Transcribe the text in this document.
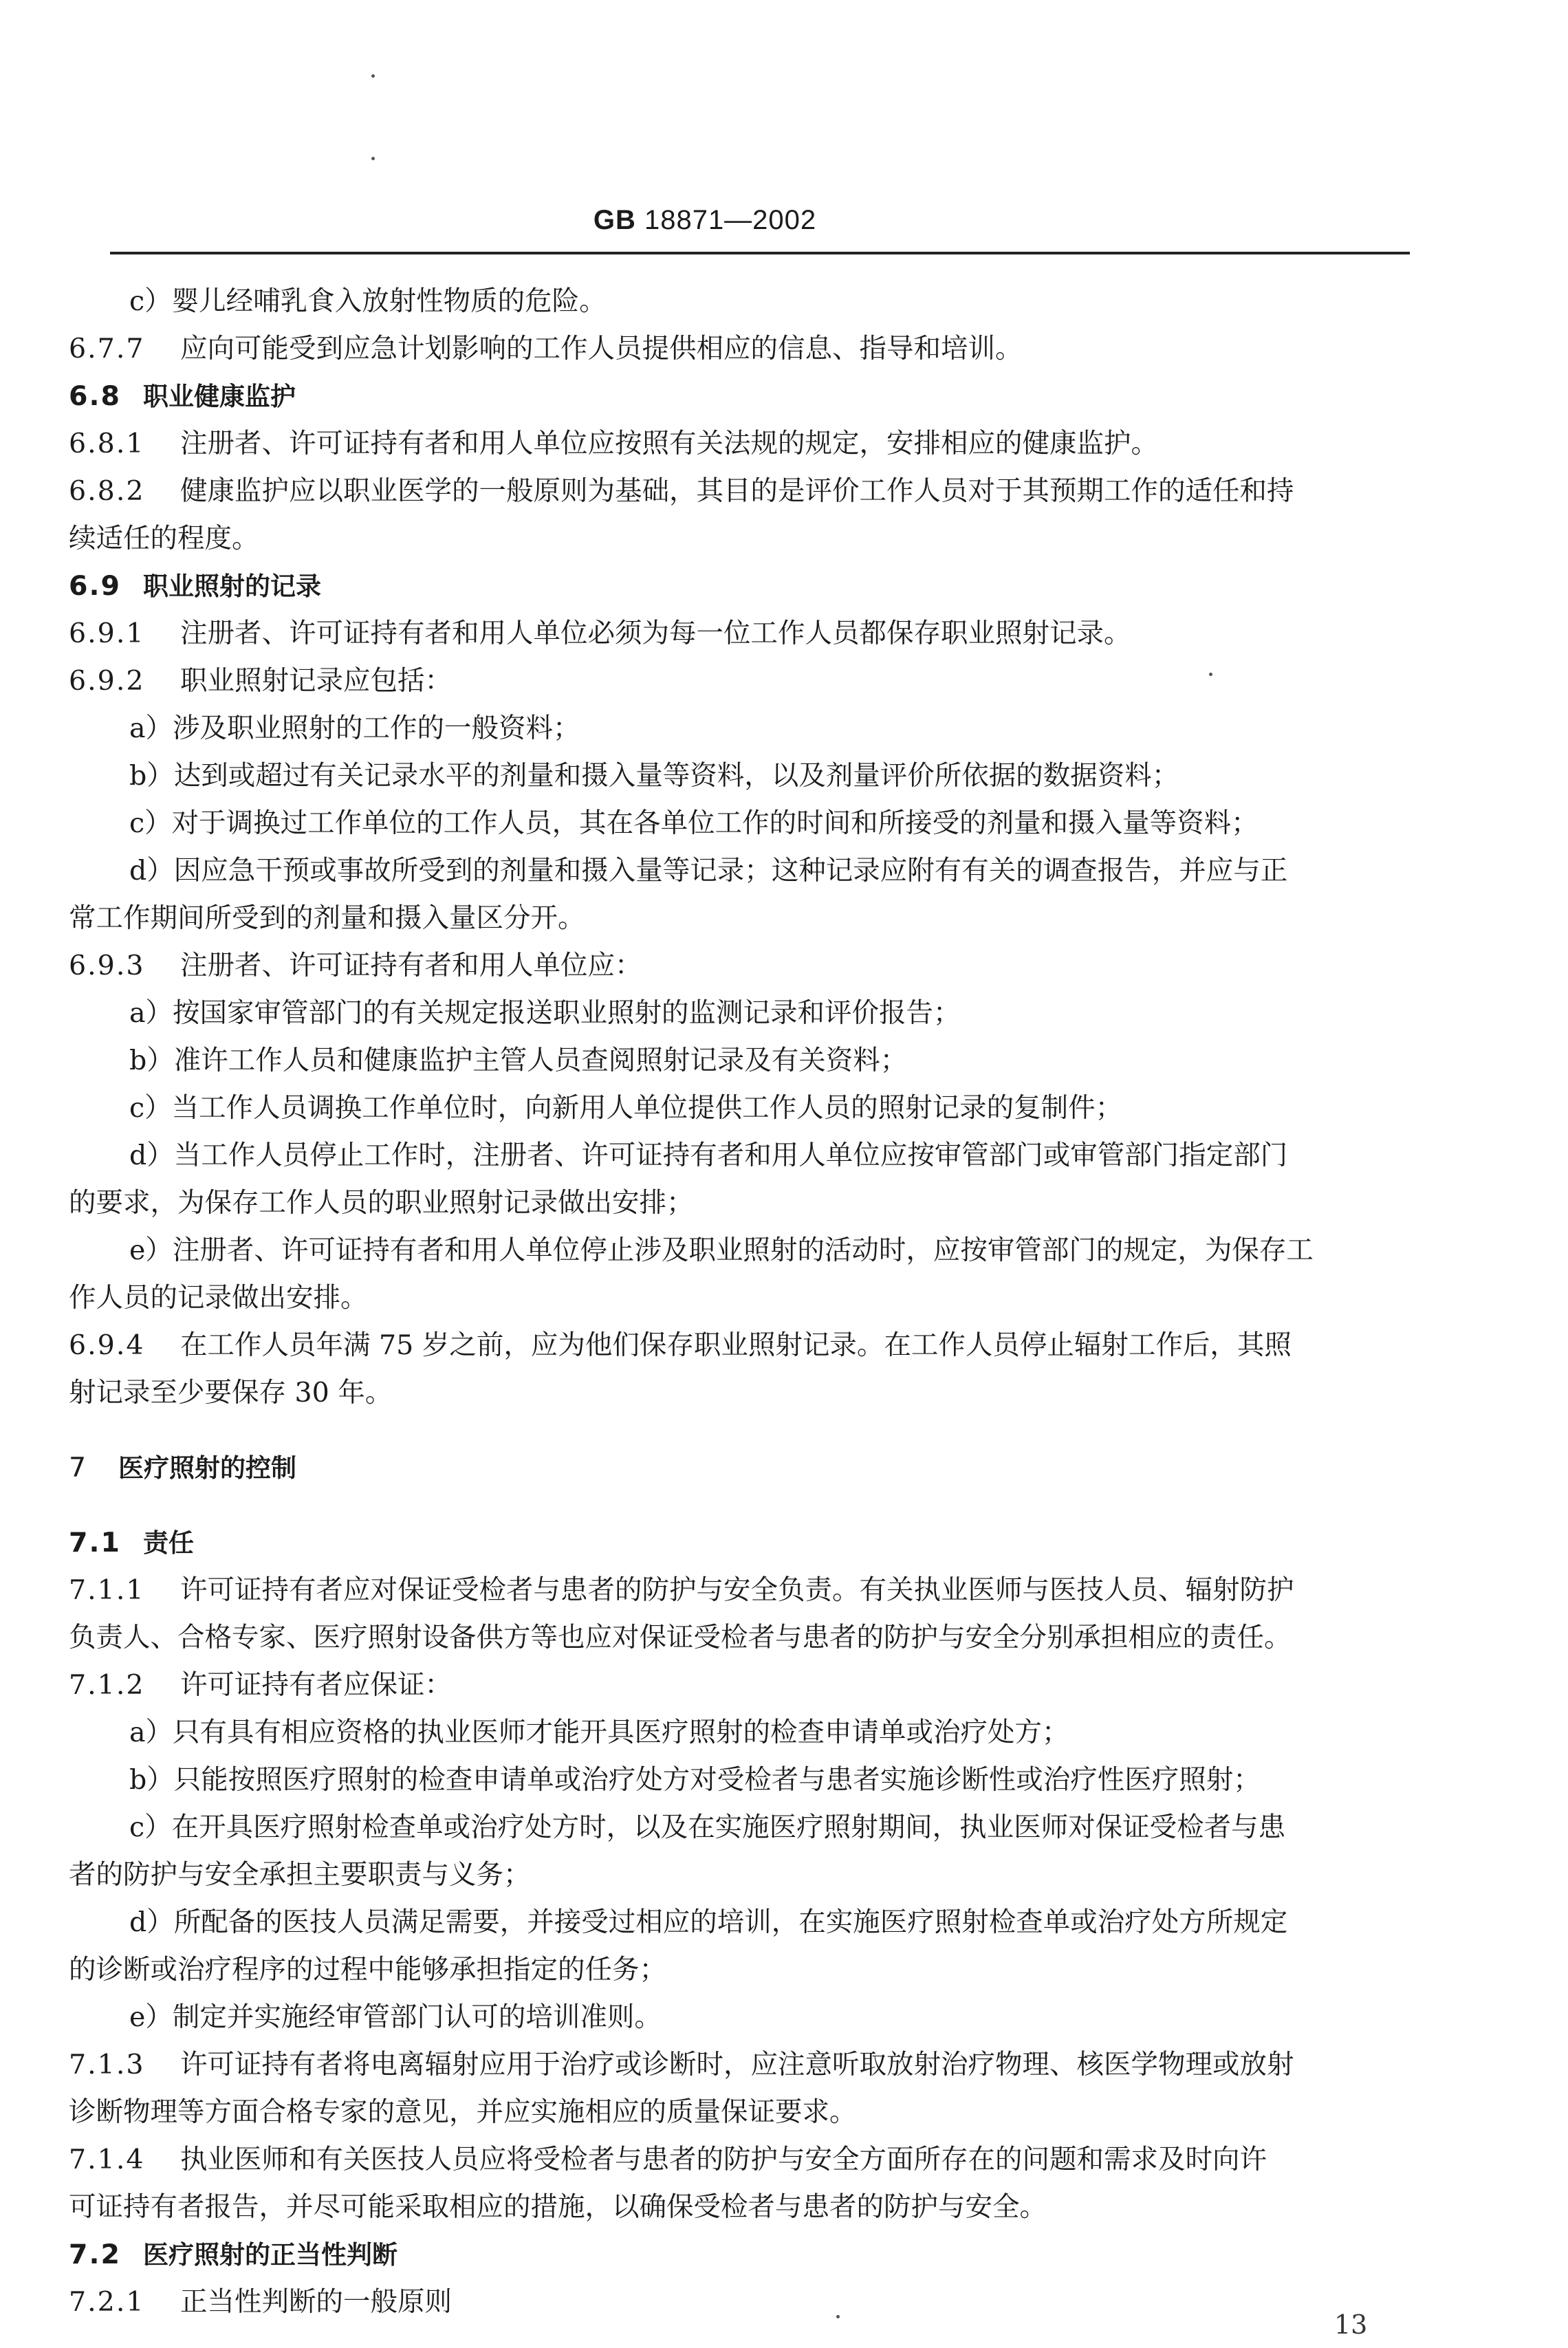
GB 18871—2002
c）婴儿经哺乳食入放射性物质的危险。
6.7.7 应向可能受到应急计划影响的工作人员提供相应的信息、指导和培训。
6.8 职业健康监护
6.8.1 注册者、许可证持有者和用人单位应按照有关法规的规定，安排相应的健康监护。
6.8.2 健康监护应以职业医学的一般原则为基础，其目的是评价工作人员对于其预期工作的适任和持
续适任的程度。
6.9 职业照射的记录
6.9.1 注册者、许可证持有者和用人单位必须为每一位工作人员都保存职业照射记录。
6.9.2 职业照射记录应包括：
a）涉及职业照射的工作的一般资料；
b）达到或超过有关记录水平的剂量和摄入量等资料，以及剂量评价所依据的数据资料；
c）对于调换过工作单位的工作人员，其在各单位工作的时间和所接受的剂量和摄入量等资料；
d）因应急干预或事故所受到的剂量和摄入量等记录；这种记录应附有有关的调查报告，并应与正
常工作期间所受到的剂量和摄入量区分开。
6.9.3 注册者、许可证持有者和用人单位应：
a）按国家审管部门的有关规定报送职业照射的监测记录和评价报告；
b）准许工作人员和健康监护主管人员查阅照射记录及有关资料；
c）当工作人员调换工作单位时，向新用人单位提供工作人员的照射记录的复制件；
d）当工作人员停止工作时，注册者、许可证持有者和用人单位应按审管部门或审管部门指定部门
的要求，为保存工作人员的职业照射记录做出安排；
e）注册者、许可证持有者和用人单位停止涉及职业照射的活动时，应按审管部门的规定，为保存工
作人员的记录做出安排。
6.9.4 在工作人员年满 75 岁之前，应为他们保存职业照射记录。在工作人员停止辐射工作后，其照
射记录至少要保存 30 年。
7 医疗照射的控制
7.1 责任
7.1.1 许可证持有者应对保证受检者与患者的防护与安全负责。有关执业医师与医技人员、辐射防护
负责人、合格专家、医疗照射设备供方等也应对保证受检者与患者的防护与安全分别承担相应的责任。
7.1.2 许可证持有者应保证：
a）只有具有相应资格的执业医师才能开具医疗照射的检查申请单或治疗处方；
b）只能按照医疗照射的检查申请单或治疗处方对受检者与患者实施诊断性或治疗性医疗照射；
c）在开具医疗照射检查单或治疗处方时，以及在实施医疗照射期间，执业医师对保证受检者与患
者的防护与安全承担主要职责与义务；
d）所配备的医技人员满足需要，并接受过相应的培训，在实施医疗照射检查单或治疗处方所规定
的诊断或治疗程序的过程中能够承担指定的任务；
e）制定并实施经审管部门认可的培训准则。
7.1.3 许可证持有者将电离辐射应用于治疗或诊断时，应注意听取放射治疗物理、核医学物理或放射
诊断物理等方面合格专家的意见，并应实施相应的质量保证要求。
7.1.4 执业医师和有关医技人员应将受检者与患者的防护与安全方面所存在的问题和需求及时向许
可证持有者报告，并尽可能采取相应的措施，以确保受检者与患者的防护与安全。
7.2 医疗照射的正当性判断
7.2.1 正当性判断的一般原则
13
